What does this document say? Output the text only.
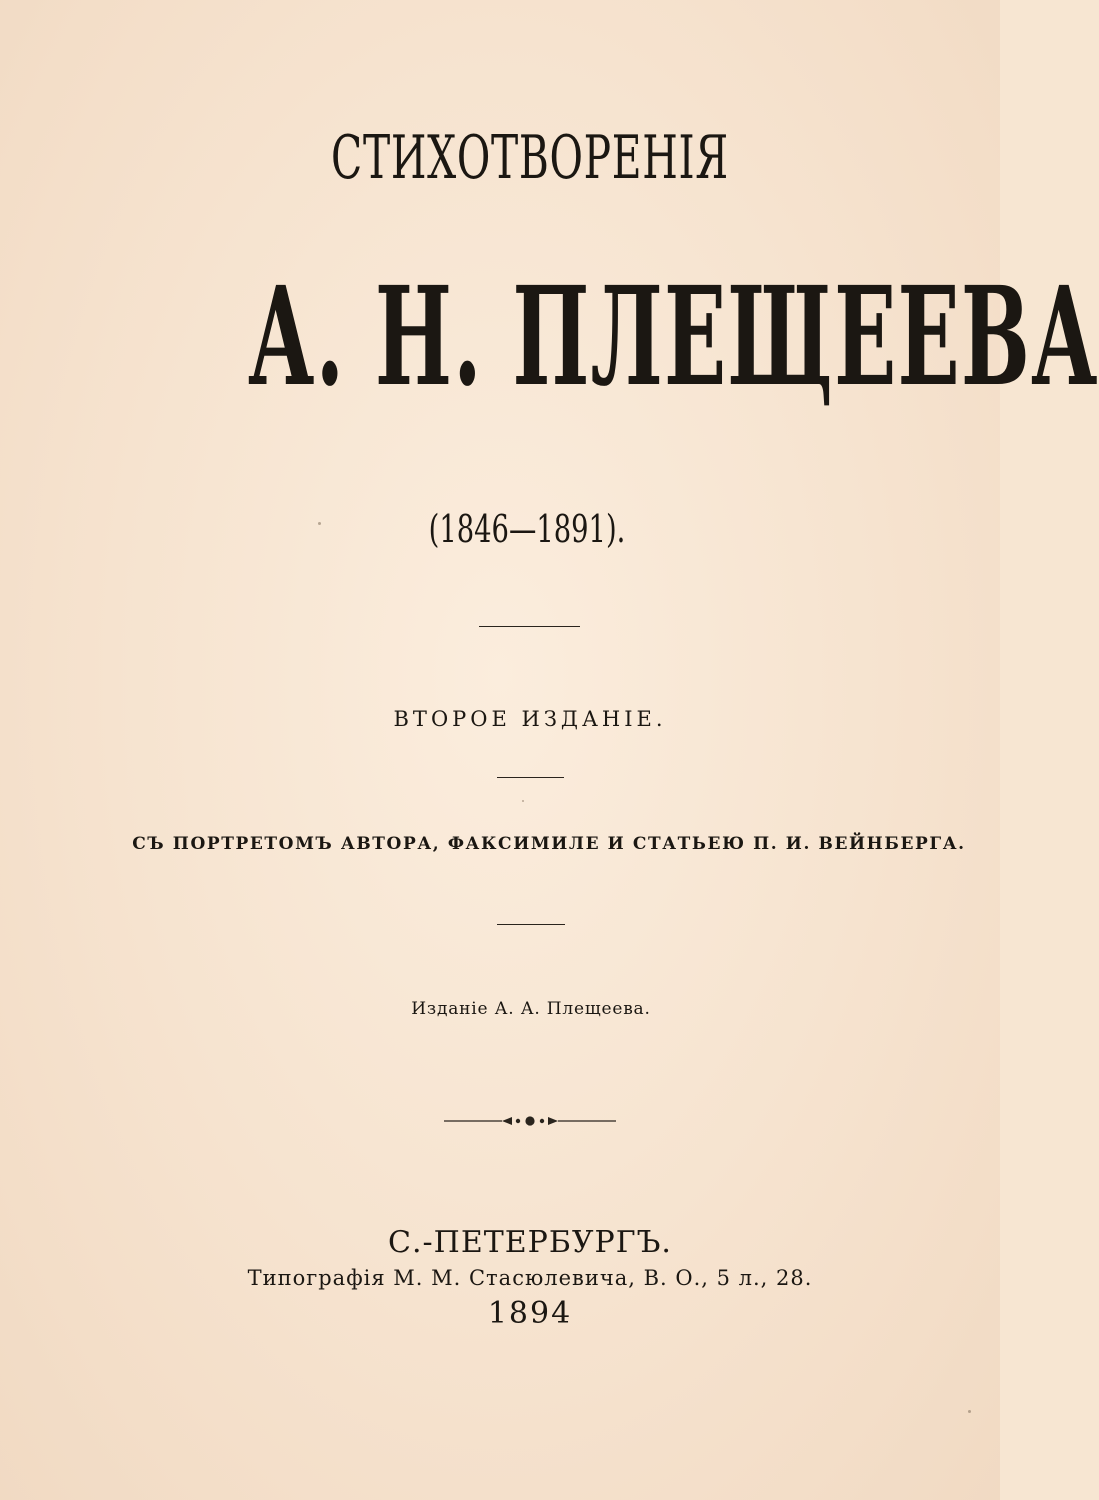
СТИХОТВОРЕНІЯ
А. Н. ПЛЕЩЕЕВА
(1846—1891).
ВТОРОЕ ИЗДАНІЕ.
СЪ ПОРТРЕТОМЪ АВТОРА, ФАКСИМИЛЕ И СТАТЬЕЮ П. И. ВЕЙНБЕРГА.
Изданіе А. А. Плещеева.
С.-ПЕТЕРБУРГЪ.
Типографія М. М. Стасюлевича, В. О., 5 л., 28.
1894
